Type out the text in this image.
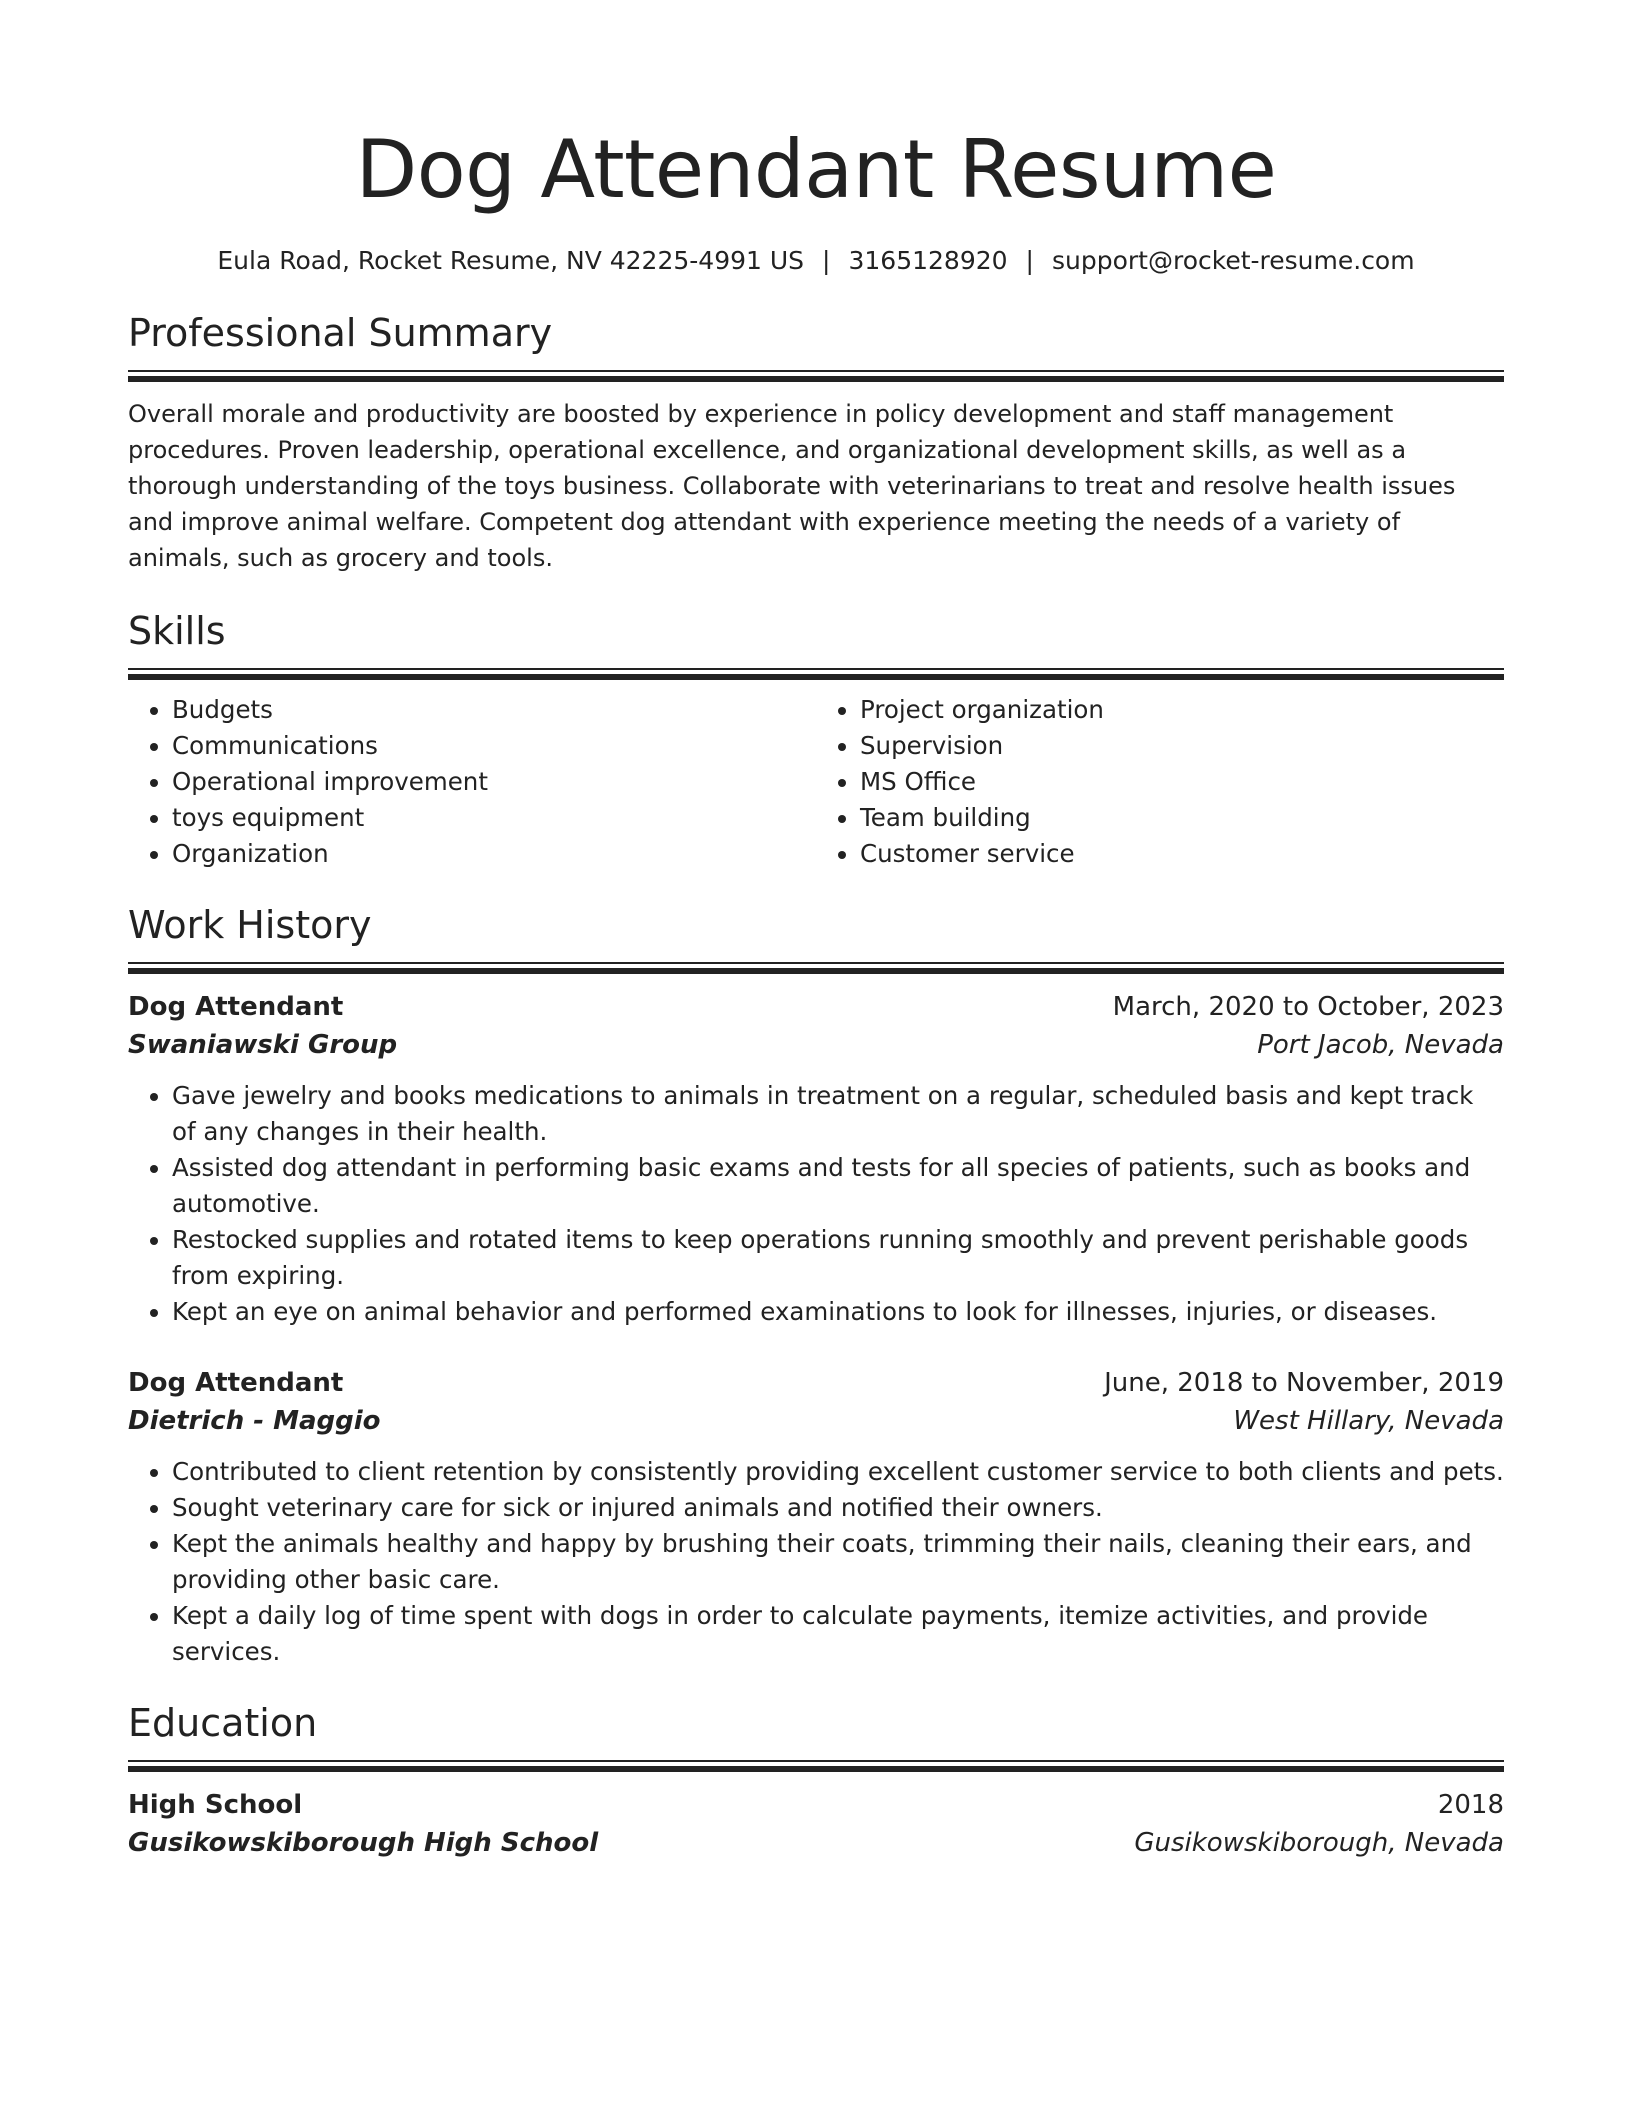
Dog Attendant Resume
Eula Road, Rocket Resume, NV 42225-4991 US | 3165128920 | support@rocket-resume.com
Professional Summary
Overall morale and productivity are boosted by experience in policy development and staff management procedures. Proven leadership, operational excellence, and organizational development skills, as well as a thorough understanding of the toys business. Collaborate with veterinarians to treat and resolve health issues and improve animal welfare. Competent dog attendant with experience meeting the needs of a variety of animals, such as grocery and tools.
Skills
• Budgets
• Communications
• Operational improvement
• toys equipment
• Organization
• Project organization
• Supervision
• MS Office
• Team building
• Customer service
Work History
Dog Attendant	March, 2020 to October, 2023
Swaniawski Group	Port Jacob, Nevada
• Gave jewelry and books medications to animals in treatment on a regular, scheduled basis and kept track of any changes in their health.
• Assisted dog attendant in performing basic exams and tests for all species of patients, such as books and automotive.
• Restocked supplies and rotated items to keep operations running smoothly and prevent perishable goods from expiring.
• Kept an eye on animal behavior and performed examinations to look for illnesses, injuries, or diseases.
Dog Attendant	June, 2018 to November, 2019
Dietrich - Maggio	West Hillary, Nevada
• Contributed to client retention by consistently providing excellent customer service to both clients and pets.
• Sought veterinary care for sick or injured animals and notified their owners.
• Kept the animals healthy and happy by brushing their coats, trimming their nails, cleaning their ears, and providing other basic care.
• Kept a daily log of time spent with dogs in order to calculate payments, itemize activities, and provide services.
Education
High School	2018
Gusikowskiborough High School	Gusikowskiborough, Nevada
